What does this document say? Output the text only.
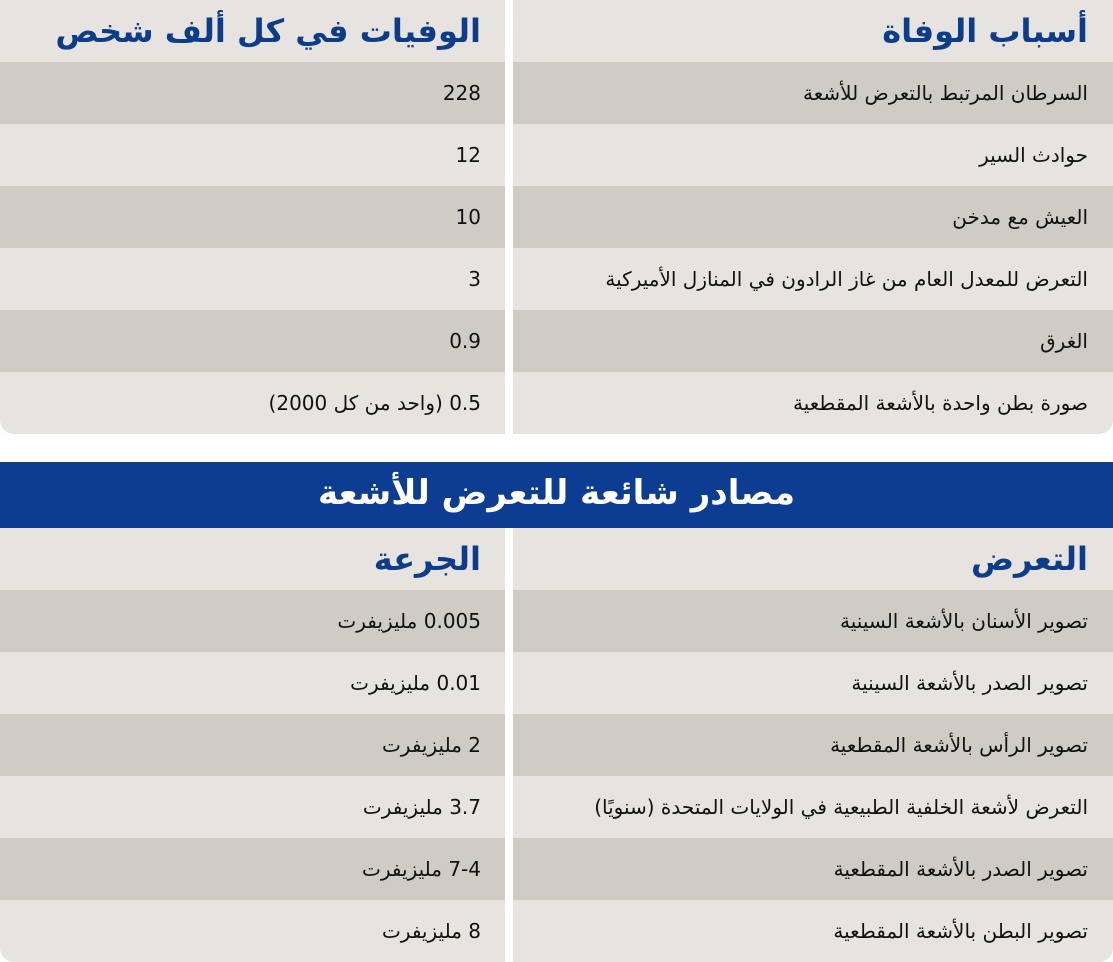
أسباب الوفاة
الوفيات في كل ألف شخص
السرطان المرتبط بالتعرض للأشعة
228
حوادث السير
12
العيش مع مدخن
10
التعرض للمعدل العام من غاز الرادون في المنازل الأميركية
3
الغرق
0.9
صورة بطن واحدة بالأشعة المقطعية
0.5 (واحد من كل 2000)
مصادر شائعة للتعرض للأشعة
التعرض
الجرعة
تصوير الأسنان بالأشعة السينية
0.005 مليزيفرت
تصوير الصدر بالأشعة السينية
0.01 مليزيفرت
تصوير الرأس بالأشعة المقطعية
2 مليزيفرت
التعرض لأشعة الخلفية الطبيعية في الولايات المتحدة (سنويًا)
3.7 مليزيفرت
تصوير الصدر بالأشعة المقطعية
7-4 مليزيفرت
تصوير البطن بالأشعة المقطعية
8 مليزيفرت
